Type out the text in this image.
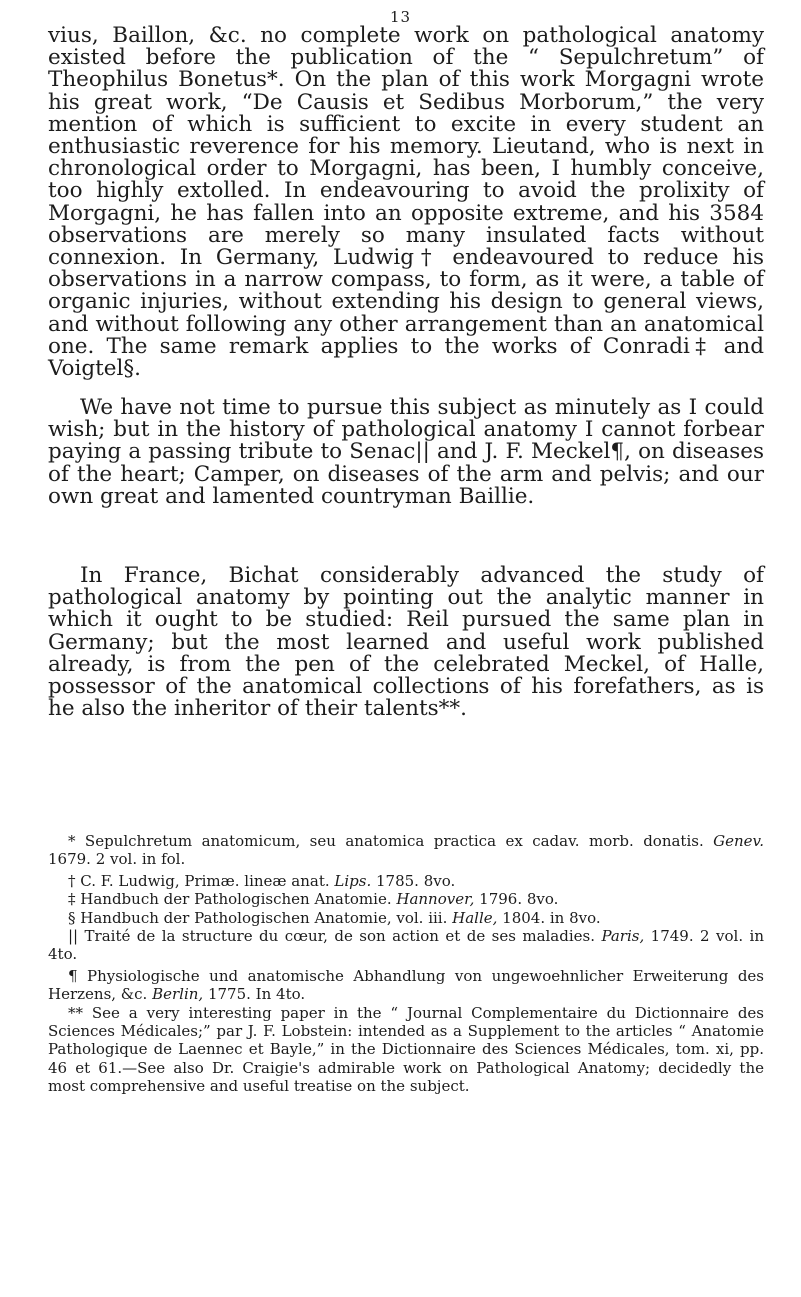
13

vius, Baillon, &c. no complete work on pathological anatomy existed before the publication of the “ Sepulchretum” of Theophilus Bonetus*. On the plan of this work Morgagni wrote his great work, “De Causis et Sedibus Morborum,” the very mention of which is sufficient to excite in every student an enthusiastic reverence for his memory. Lieutand, who is next in chronological order to Morgagni, has been, I humbly conceive, too highly extolled. In endeavouring to avoid the prolixity of Morgagni, he has fallen into an opposite extreme, and his 3584 observations are merely so many insulated facts without connexion. In Germany, Ludwig† endeavoured to reduce his observations in a narrow compass, to form, as it were, a table of organic injuries, without extending his design to general views, and without following any other arrangement than an anatomical one. The same remark applies to the works of Conradi‡ and Voigtel§.

We have not time to pursue this subject as minutely as I could wish; but in the history of pathological anatomy I cannot forbear paying a passing tribute to Senac|| and J. F. Meckel¶, on diseases of the heart; Camper, on diseases of the arm and pelvis; and our own great and lamented countryman Baillie.

In France, Bichat considerably advanced the study of pathological anatomy by pointing out the analytic manner in which it ought to be studied: Reil pursued the same plan in Germany; but the most learned and useful work published already, is from the pen of the celebrated Meckel, of Halle, possessor of the anatomical collections of his forefathers, as is he also the inheritor of their talents**.

* Sepulchretum anatomicum, seu anatomica practica ex cadav. morb. donatis. Genev. 1679. 2 vol. in fol.

† C. F. Ludwig, Primæ. lineæ anat. Lips. 1785. 8vo.

‡ Handbuch der Pathologischen Anatomie. Hannover, 1796. 8vo.

§ Handbuch der Pathologischen Anatomie, vol. iii. Halle, 1804. in 8vo.

|| Traité de la structure du cœur, de son action et de ses maladies. Paris, 1749. 2 vol. in 4to.

¶ Physiologische und anatomische Abhandlung von ungewoehnlicher Erweiterung des Herzens, &c. Berlin, 1775. In 4to.

** See a very interesting paper in the “ Journal Complementaire du Dictionnaire des Sciences Médicales;” par J. F. Lobstein: intended as a Supplement to the articles “ Anatomie Pathologique de Laennec et Bayle,” in the Dictionnaire des Sciences Médicales, tom. xi, pp. 46 et 61.—See also Dr. Craigie's admirable work on Pathological Anatomy; decidedly the most comprehensive and useful treatise on the subject.
